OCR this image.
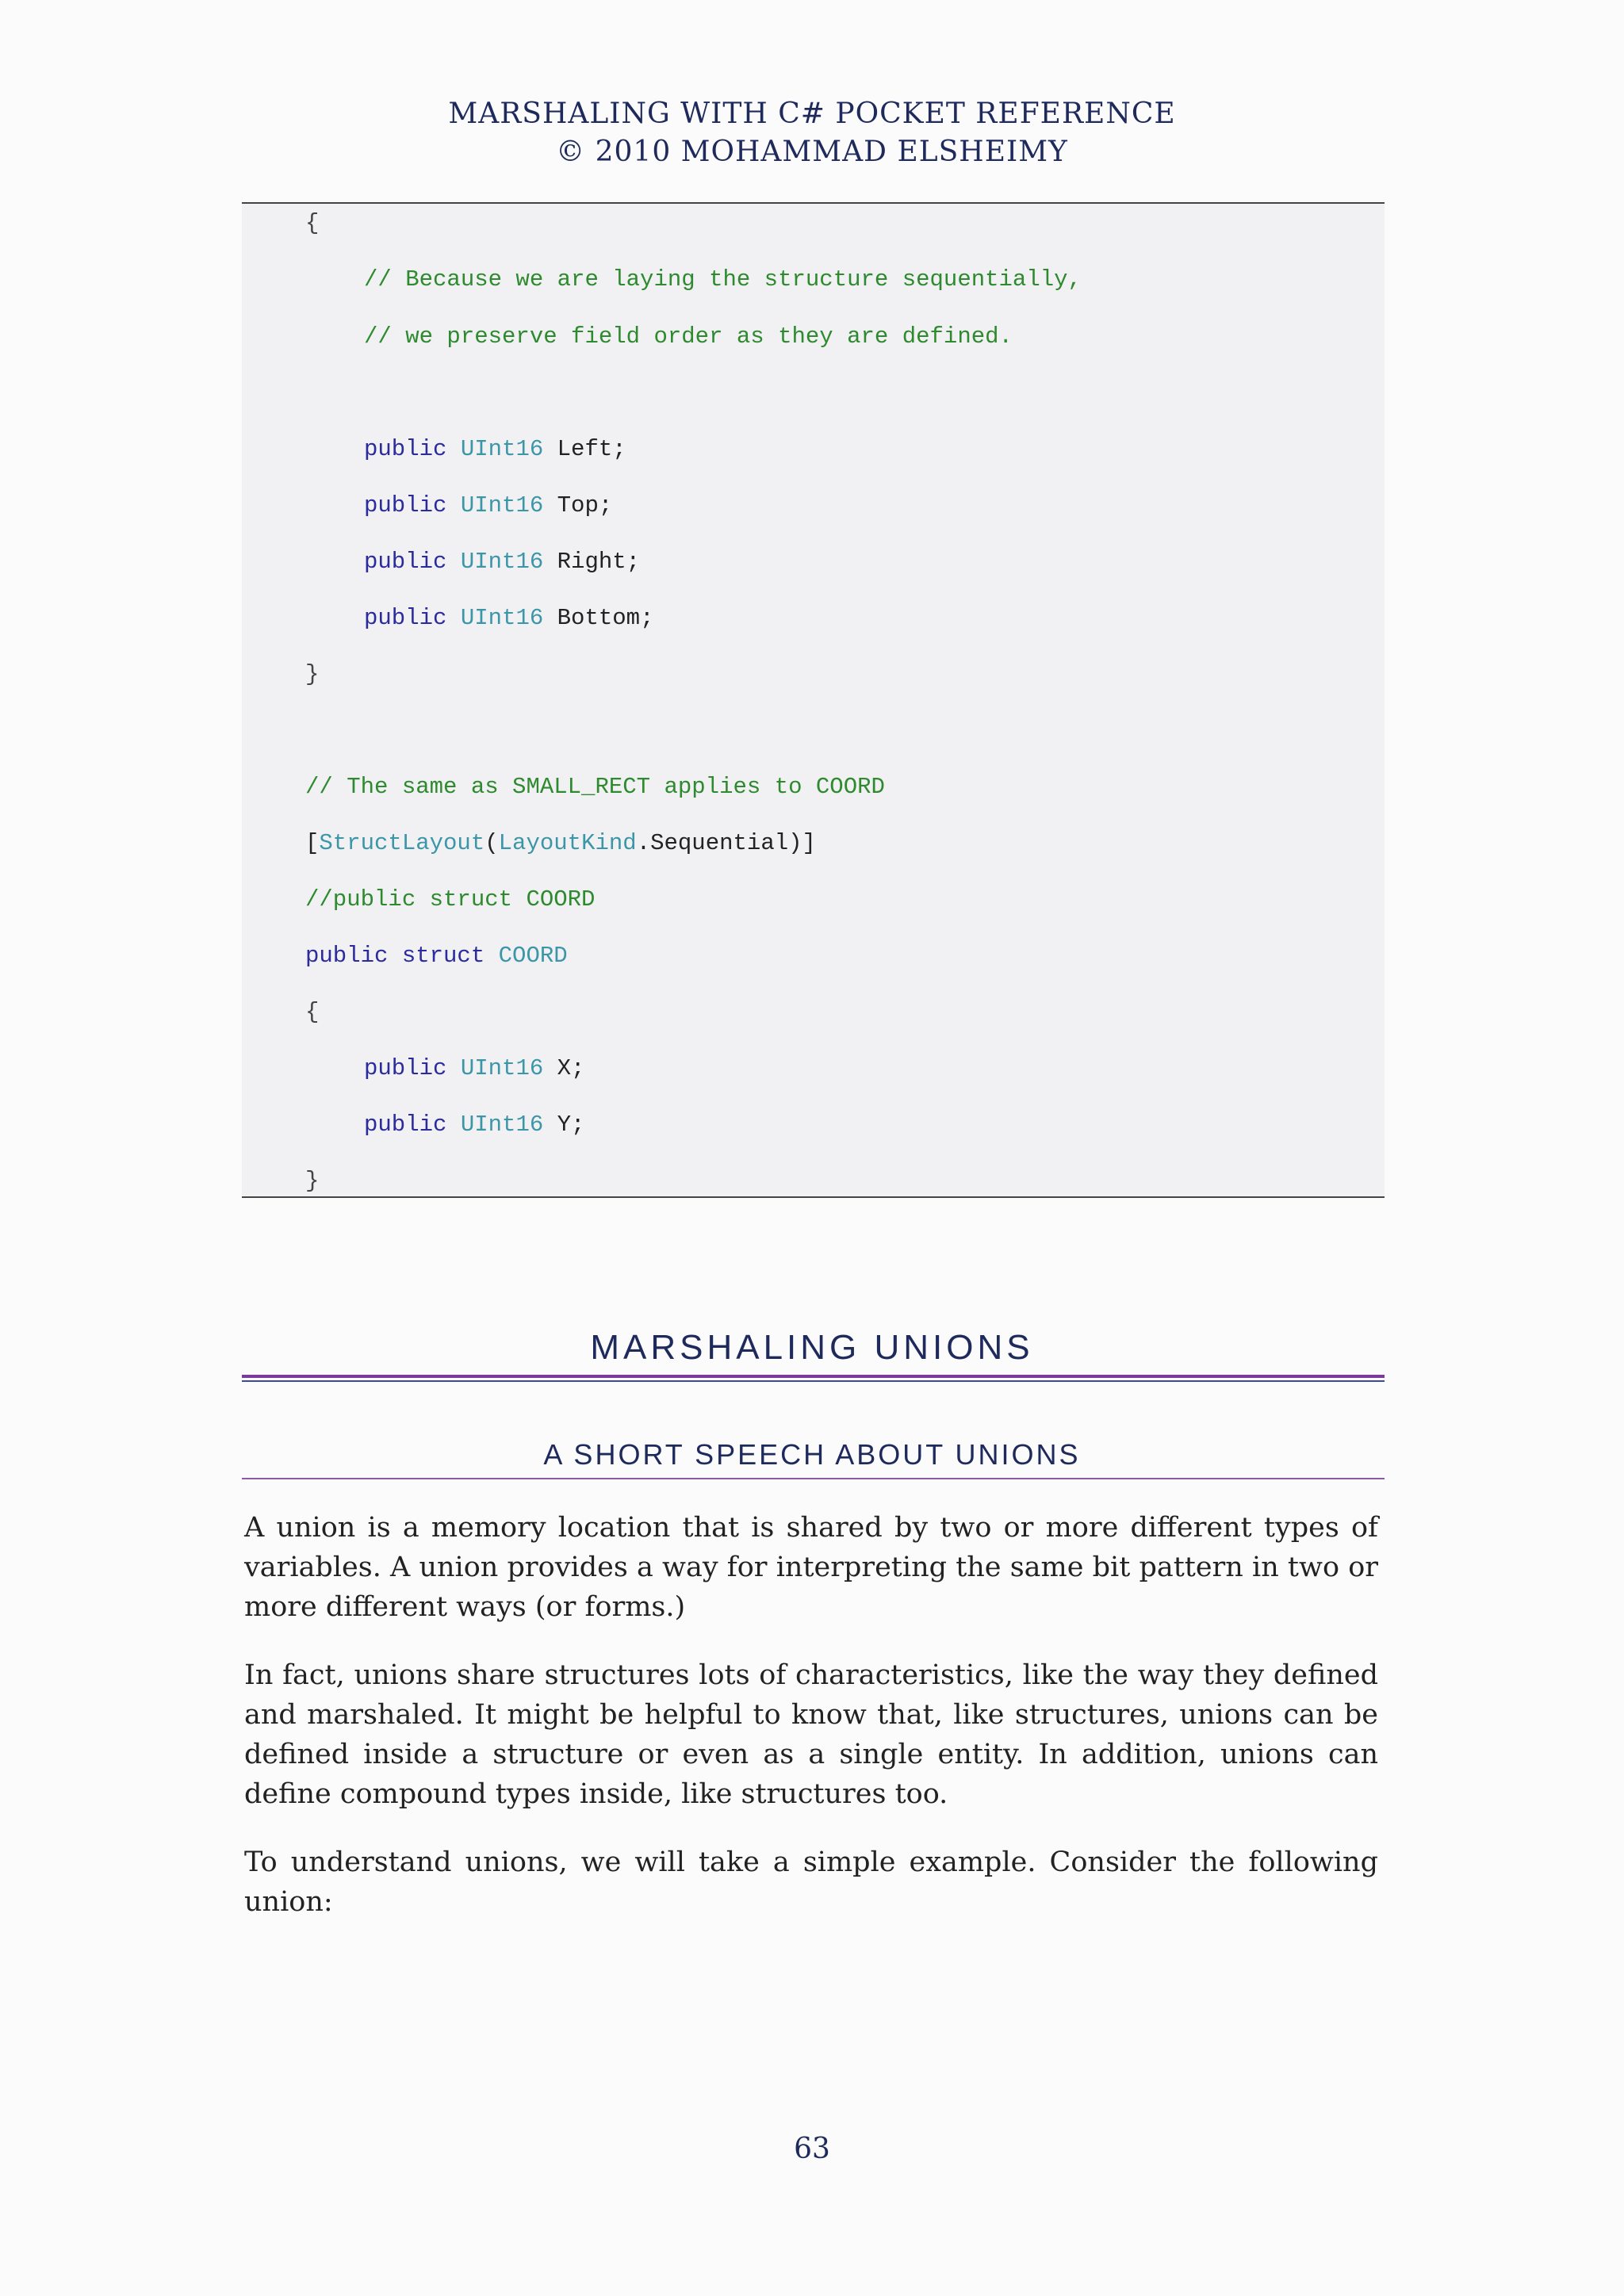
MARSHALING WITH C# POCKET REFERENCE
© 2010 MOHAMMAD ELSHEIMY
{
// Because we are laying the structure sequentially,
// we preserve field order as they are defined.
public UInt16 Left;
public UInt16 Top;
public UInt16 Right;
public UInt16 Bottom;
}
// The same as SMALL_RECT applies to COORD
[StructLayout(LayoutKind.Sequential)]
//public struct COORD
public struct COORD
{
public UInt16 X;
public UInt16 Y;
}
MARSHALING UNIONS
A SHORT SPEECH ABOUT UNIONS

A union is a memory location that is shared by two or more different types of variables. A union provides a way for interpreting the same bit pattern in two or more different ways (or forms.)

In fact, unions share structures lots of characteristics, like the way they defined and marshaled. It might be helpful to know that, like structures, unions can be defined inside a structure or even as a single entity. In addition, unions can define compound types inside, like structures too.

To understand unions, we will take a simple example. Consider the following union:

63
